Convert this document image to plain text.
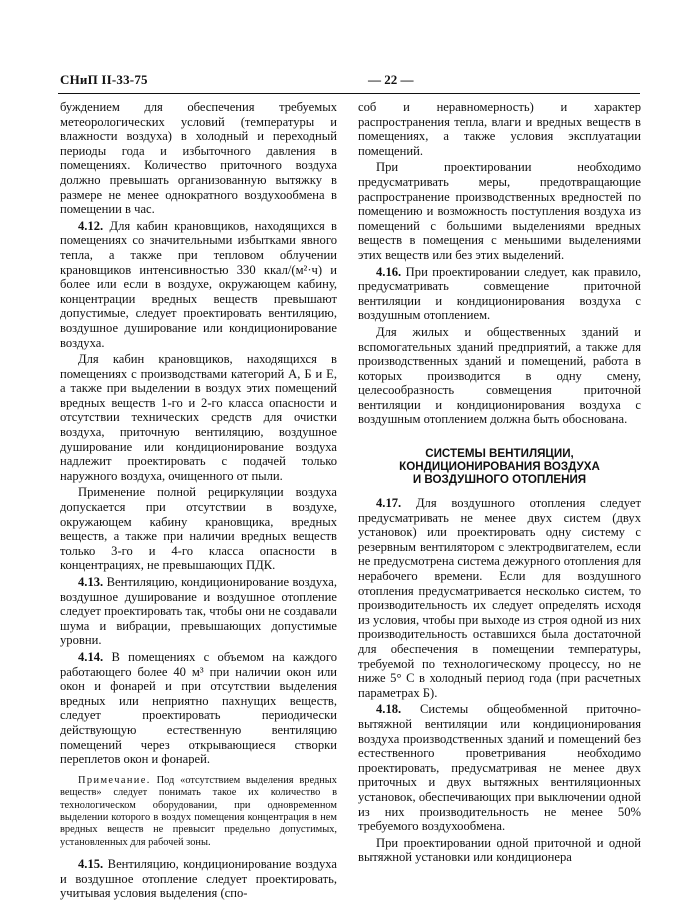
СНиП II-33-75	— 22 —

буждением для обеспечения требуемых метеорологических условий (температуры и влажности воздуха) в холодный и переходный периоды года и избыточного давления в помещениях. Количество приточного воздуха должно превышать организованную вытяжку в размере не менее однократного воздухообмена в помещении в час.

4.12. Для кабин крановщиков, находящихся в помещениях со значительными избытками явного тепла, а также при тепловом облучении крановщиков интенсивностью 330 ккал/(м²·ч) и более или если в воздухе, окружающем кабину, концентрации вредных веществ превышают допустимые, следует проектировать вентиляцию, воздушное душирование или кондиционирование воздуха.

Для кабин крановщиков, находящихся в помещениях с производствами категорий А, Б и Е, а также при выделении в воздух этих помещений вредных веществ 1-го и 2-го класса опасности и отсутствии технических средств для очистки воздуха, приточную вентиляцию, воздушное душирование или кондиционирование воздуха надлежит проектировать с подачей только наружного воздуха, очищенного от пыли.

Применение полной рециркуляции воздуха допускается при отсутствии в воздухе, окружающем кабину крановщика, вредных веществ, а также при наличии вредных веществ только 3-го и 4-го класса опасности в концентрациях, не превышающих ПДК.

4.13. Вентиляцию, кондиционирование воздуха, воздушное душирование и воздушное отопление следует проектировать так, чтобы они не создавали шума и вибрации, превышающих допустимые уровни.

4.14. В помещениях с объемом на каждого работающего более 40 м³ при наличии окон или окон и фонарей и при отсутствии выделения вредных или неприятно пахнущих веществ, следует проектировать периодически действующую естественную вентиляцию помещений через открывающиеся створки переплетов окон и фонарей.

Примечание. Под «отсутствием выделения вредных веществ» следует понимать такое их количество в технологическом оборудовании, при одновременном выделении которого в воздух помещения концентрация в нем вредных веществ не превысит предельно допустимых, установленных для рабочей зоны.

4.15. Вентиляцию, кондиционирование воздуха и воздушное отопление следует проектировать, учитывая условия выделения (спо-

соб и неравномерность) и характер распространения тепла, влаги и вредных веществ в помещениях, а также условия эксплуатации помещений.

При проектировании необходимо предусматривать меры, предотвращающие распространение производственных вредностей по помещению и возможность поступления воздуха из помещений с большими выделениями вредных веществ в помещения с меньшими выделениями этих веществ или без этих выделений.

4.16. При проектировании следует, как правило, предусматривать совмещение приточной вентиляции и кондиционирования воздуха с воздушным отоплением.

Для жилых и общественных зданий и вспомогательных зданий предприятий, а также для производственных зданий и помещений, работа в которых производится в одну смену, целесообразность совмещения приточной вентиляции и кондиционирования воздуха с воздушным отоплением должна быть обоснована.

СИСТЕМЫ ВЕНТИЛЯЦИИ,
КОНДИЦИОНИРОВАНИЯ ВОЗДУХА
И ВОЗДУШНОГО ОТОПЛЕНИЯ

4.17. Для воздушного отопления следует предусматривать не менее двух систем (двух установок) или проектировать одну систему с резервным вентилятором с электродвигателем, если не предусмотрена система дежурного отопления для нерабочего времени. Если для воздушного отопления предусматривается несколько систем, то производительность их следует определять исходя из условия, чтобы при выходе из строя одной из них производительность оставшихся была достаточной для обеспечения в помещении температуры, требуемой по технологическому процессу, но не ниже 5° С в холодный период года (при расчетных параметрах Б).

4.18. Системы общеобменной приточно-вытяжной вентиляции или кондиционирования воздуха производственных зданий и помещений без естественного проветривания необходимо проектировать, предусматривая не менее двух приточных и двух вытяжных вентиляционных установок, обеспечивающих при выключении одной из них производительность не менее 50% требуемого воздухообмена.

При проектировании одной приточной и одной вытяжной установки или кондиционера
